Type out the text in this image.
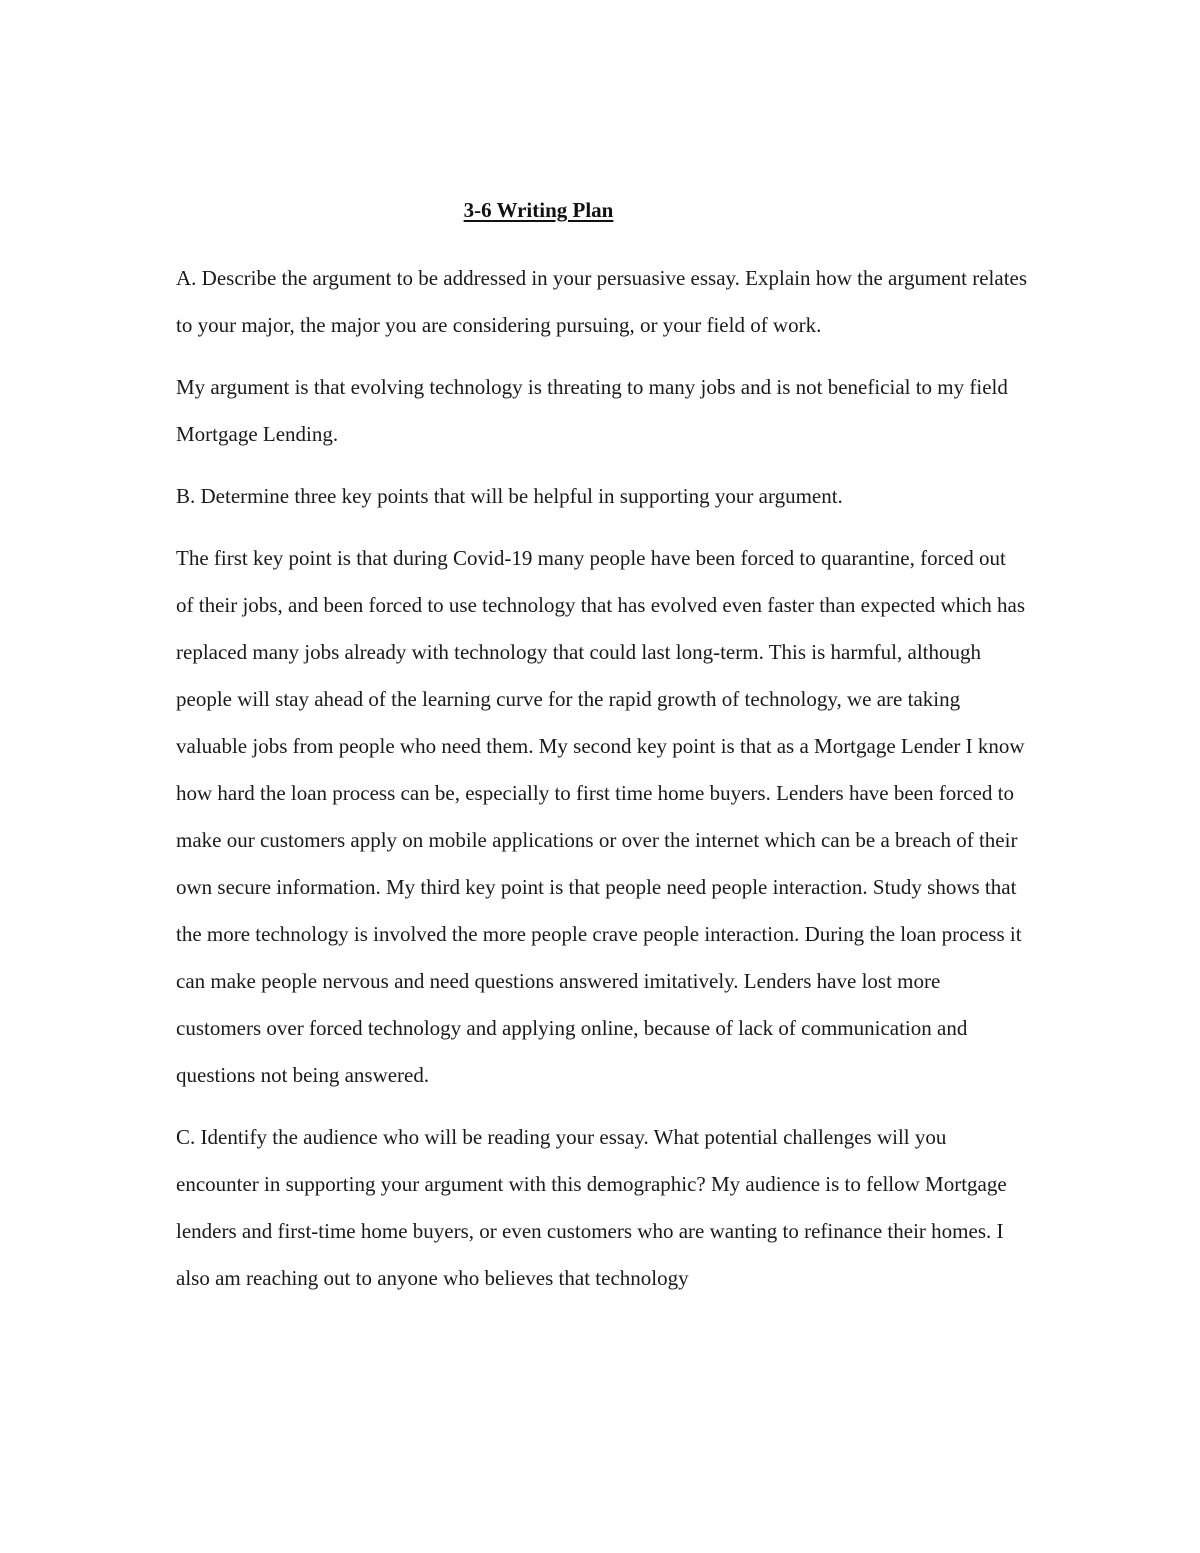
3-6 Writing Plan

A. Describe the argument to be addressed in your persuasive essay. Explain how the argument relates to your major, the major you are considering pursuing, or your field of work.

My argument is that evolving technology is threating to many jobs and is not beneficial to my field Mortgage Lending.

B. Determine three key points that will be helpful in supporting your argument.

The first key point is that during Covid-19 many people have been forced to quarantine, forced out of their jobs, and been forced to use technology that has evolved even faster than expected which has replaced many jobs already with technology that could last long-term. This is harmful, although people will stay ahead of the learning curve for the rapid growth of technology, we are taking valuable jobs from people who need them. My second key point is that as a Mortgage Lender I know how hard the loan process can be, especially to first time home buyers. Lenders have been forced to make our customers apply on mobile applications or over the internet which can be a breach of their own secure information. My third key point is that people need people interaction. Study shows that the more technology is involved the more people crave people interaction. During the loan process it can make people nervous and need questions answered imitatively. Lenders have lost more customers over forced technology and applying online, because of lack of communication and questions not being answered.

C. Identify the audience who will be reading your essay. What potential challenges will you encounter in supporting your argument with this demographic? My audience is to fellow Mortgage lenders and first-time home buyers, or even customers who are wanting to refinance their homes. I also am reaching out to anyone who believes that technology
